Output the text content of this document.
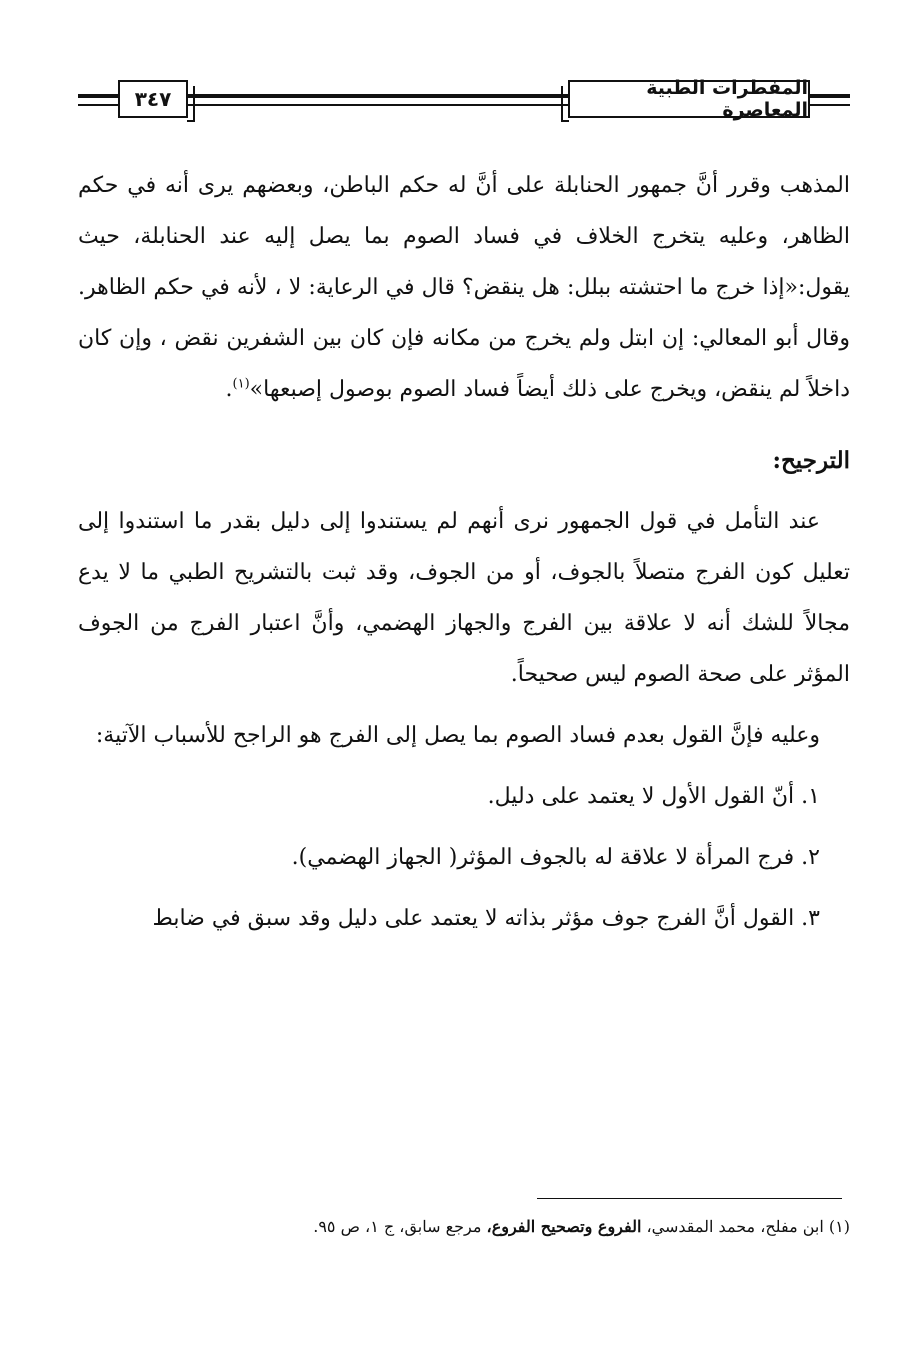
٣٤٧	المفطرات الطبية المعاصرة

المذهب وقرر أنَّ جمهور الحنابلة على أنَّ له حكم الباطن، وبعضهم يرى أنه في حكم الظاهر، وعليه يتخرج الخلاف في فساد الصوم بما يصل إليه عند الحنابلة، حيث يقول:«إذا خرج ما احتشته ببلل: هل ينقض؟ قال في الرعاية: لا ، لأنه في حكم الظاهر. وقال أبو المعالي: إن ابتل ولم يخرج من مكانه فإن كان بين الشفرين نقض ، وإن كان داخلاً لم ينقض، ويخرج على ذلك أيضاً فساد الصوم بوصول إصبعها»$^{(١)}$.

الترجيح:

عند التأمل في قول الجمهور نرى أنهم لم يستندوا إلى دليل بقدر ما استندوا إلى تعليل كون الفرج متصلاً بالجوف، أو من الجوف، وقد ثبت بالتشريح الطبي ما لا يدع مجالاً للشك أنه لا علاقة بين الفرج والجهاز الهضمي، وأنَّ اعتبار الفرج من الجوف المؤثر على صحة الصوم ليس صحيحاً.

وعليه فإنَّ القول بعدم فساد الصوم بما يصل إلى الفرج هو الراجح للأسباب الآتية:

١. أنّ القول الأول لا يعتمد على دليل.

٢. فرج المرأة لا علاقة له بالجوف المؤثر( الجهاز الهضمي).

٣. القول أنَّ الفرج جوف مؤثر بذاته لا يعتمد على دليل وقد سبق في ضابط

(١) ابن مفلح، محمد المقدسي، الفروع وتصحيح الفروع، مرجع سابق، ج ١، ص ٩٥.
